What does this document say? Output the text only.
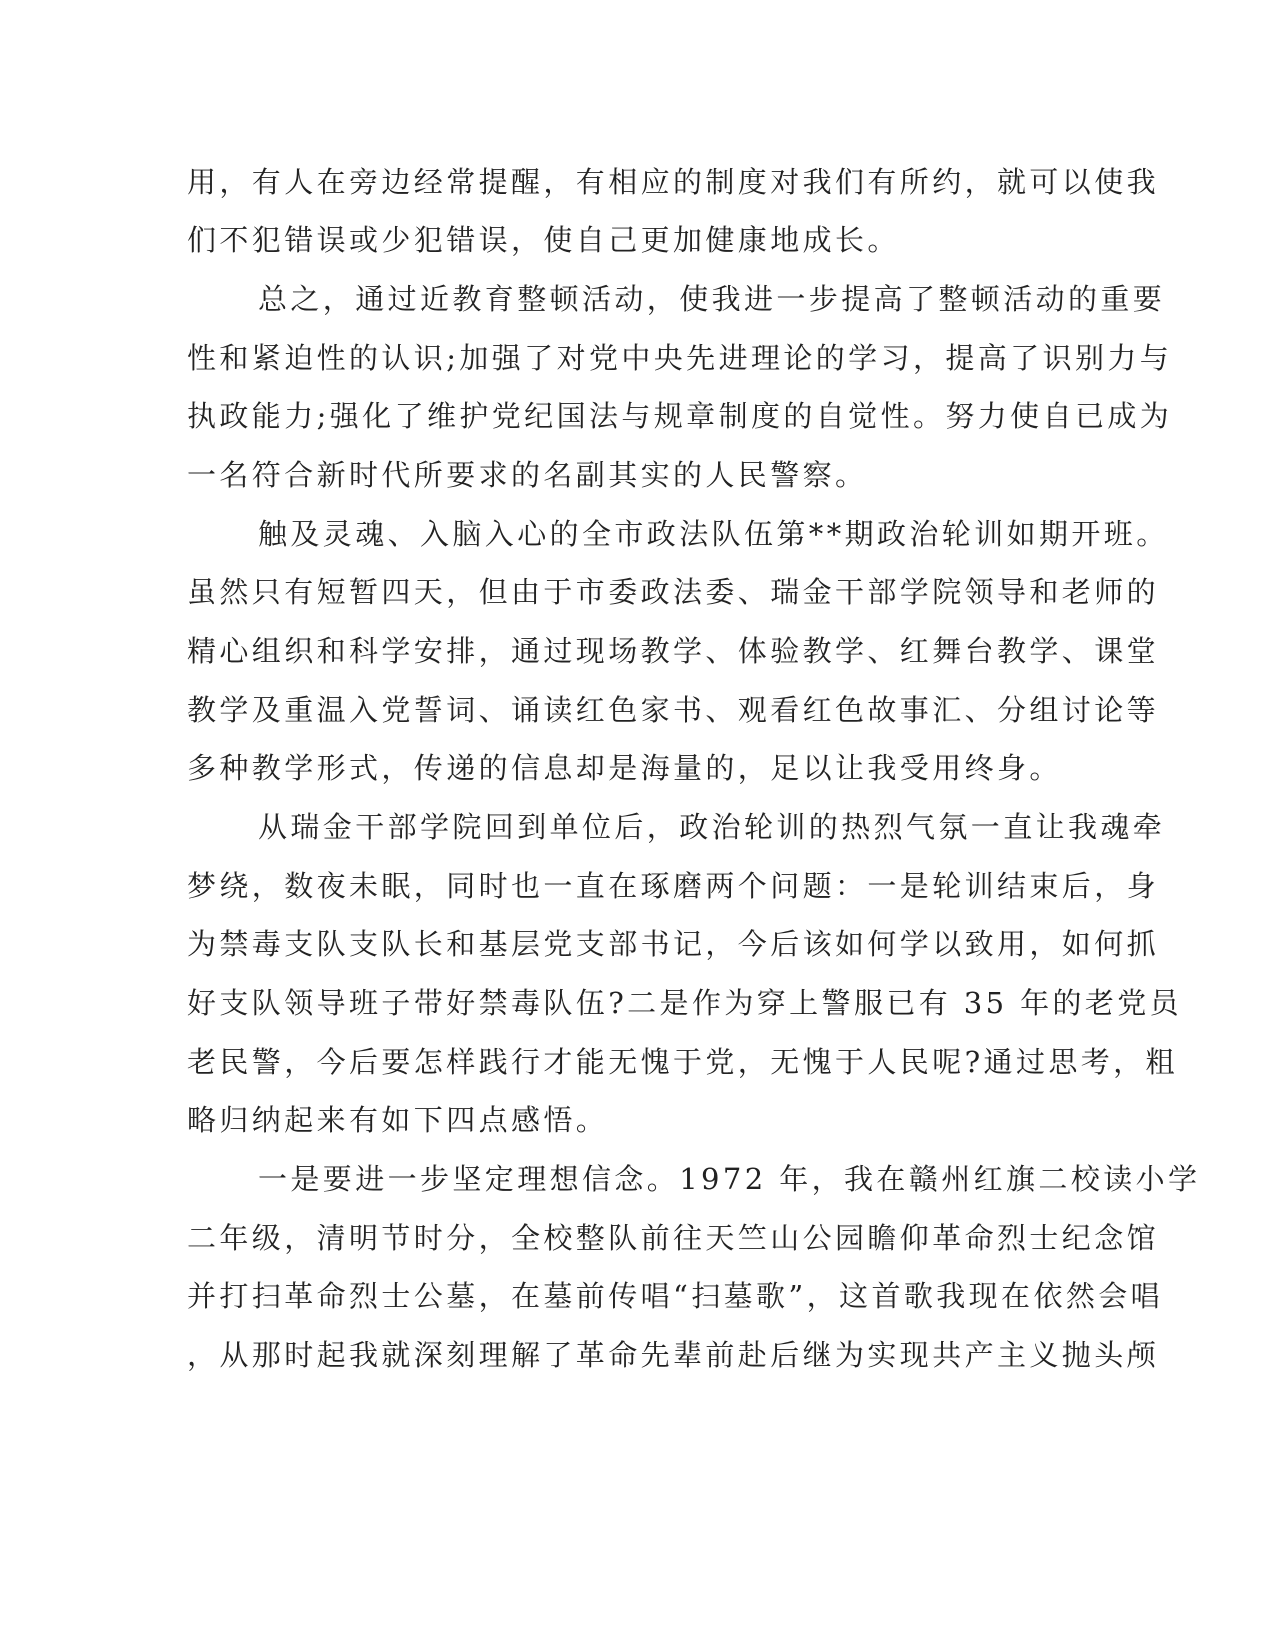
用，有人在旁边经常提醒，有相应的制度对我们有所约，就可以使我
们不犯错误或少犯错误，使自己更加健康地成长。
总之，通过近教育整顿活动，使我进一步提高了整顿活动的重要
性和紧迫性的认识;加强了对党中央先进理论的学习，提高了识别力与
执政能力;强化了维护党纪国法与规章制度的自觉性。努力使自已成为
一名符合新时代所要求的名副其实的人民警察。
触及灵魂、入脑入心的全市政法队伍第**期政治轮训如期开班。
虽然只有短暂四天，但由于市委政法委、瑞金干部学院领导和老师的
精心组织和科学安排，通过现场教学、体验教学、红舞台教学、课堂
教学及重温入党誓词、诵读红色家书、观看红色故事汇、分组讨论等
多种教学形式，传递的信息却是海量的，足以让我受用终身。
从瑞金干部学院回到单位后，政治轮训的热烈气氛一直让我魂牵
梦绕，数夜未眠，同时也一直在琢磨两个问题：一是轮训结束后，身
为禁毒支队支队长和基层党支部书记，今后该如何学以致用，如何抓
好支队领导班子带好禁毒队伍?二是作为穿上警服已有 35 年的老党员
老民警，今后要怎样践行才能无愧于党，无愧于人民呢?通过思考，粗
略归纳起来有如下四点感悟。
一是要进一步坚定理想信念。1972 年，我在赣州红旗二校读小学
二年级，清明节时分，全校整队前往天竺山公园瞻仰革命烈士纪念馆
并打扫革命烈士公墓，在墓前传唱“扫墓歌”，这首歌我现在依然会唱
，从那时起我就深刻理解了革命先辈前赴后继为实现共产主义抛头颅
